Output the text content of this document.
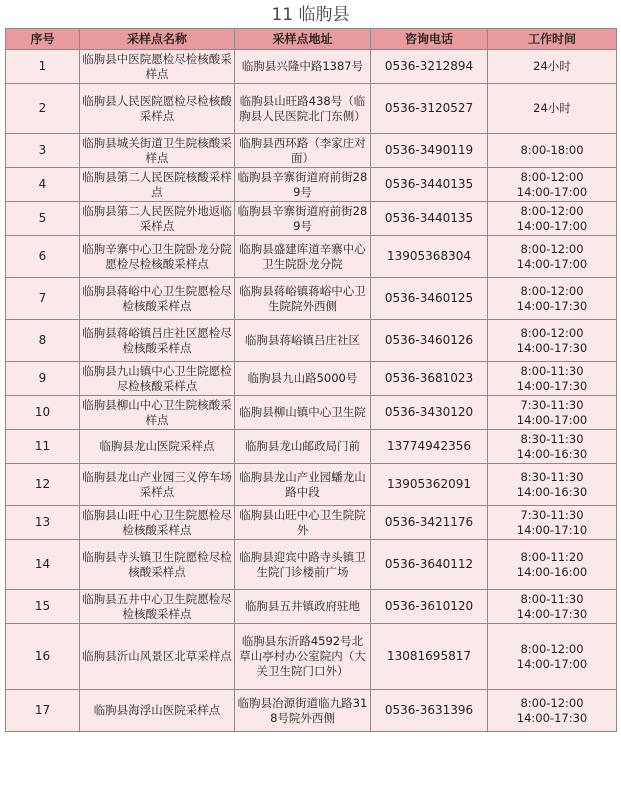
11 临朐县
序号	采样点名称	采样点地址	咨询电话	工作时间
1	临朐县中医院愿检尽检核酸采样点	临朐县兴隆中路1387号	0536-3212894	24小时

2	临朐县人民医院愿检尽检核酸采样点	临朐县山旺路438号（临朐县人民医院北门东侧）	0536-3120527	24小时

3	临朐县城关街道卫生院核酸采样点	临朐县西环路（李家庄对面）	0536-3490119	8:00-18:00

4	临朐县第二人民医院核酸采样点	临朐县辛寨街道府前街289号	0536-3440135	8:00-12:00
14:00-17:00

5	临朐县第二人民医院外地返临采样点	临朐县辛寨街道府前街289号	0536-3440135	8:00-12:00
14:00-17:00

6	临朐辛寨中心卫生院卧龙分院愿检尽检核酸采样点	临朐县盛建库道辛寨中心卫生院卧龙分院	13905368304	8:00-12:00
14:00-17:00

7	临朐县蒋峪中心卫生院愿检尽检核酸采样点	临朐县蒋峪镇蒋峪中心卫生院院外西侧	0536-3460125	8:00-12:00
14:00-17:30

8	临朐县蒋峪镇吕庄社区愿检尽检核酸采样点	临朐县蒋峪镇吕庄社区	0536-3460126	8:00-12:00
14:00-17:30

9	临朐县九山镇中心卫生院愿检尽检核酸采样点	临朐县九山路5000号	0536-3681023	8:00-11:30
14:00-17:30

10	临朐县柳山中心卫生院核酸采样点	临朐县柳山镇中心卫生院	0536-3430120	7:30-11:30
14:00-17:00

11	临朐县龙山医院采样点	临朐县龙山邮政局门前	13774942356	8:30-11:30
14:00-16:30

12	临朐县龙山产业园三义停车场采样点	临朐县龙山产业园蟠龙山路中段	13905362091	8:30-11:30
14:00-16:30

13	临朐县山旺中心卫生院愿检尽检核酸采样点	临朐县山旺中心卫生院院外	0536-3421176	7:30-11:30
14:00-17:10

14	临朐县寺头镇卫生院愿检尽检核酸采样点	临朐县迎宾中路寺头镇卫生院门诊楼前广场	0536-3640112	8:00-11:20
14:00-16:00

15	临朐县五井中心卫生院愿检尽检核酸采样点	临朐县五井镇政府驻地	0536-3610120	8:00-11:30
14:00-17:30

16	临朐县沂山风景区北草采样点	临朐县东沂路4592号北草山亭村办公室院内（大关卫生院门口外）	13081695817	8:00-12:00
14:00-17:00

17	临朐县海浮山医院采样点	临朐县冶源街道临九路318号院外西侧	0536-3631396	8:00-12:00
14:00-17:30
